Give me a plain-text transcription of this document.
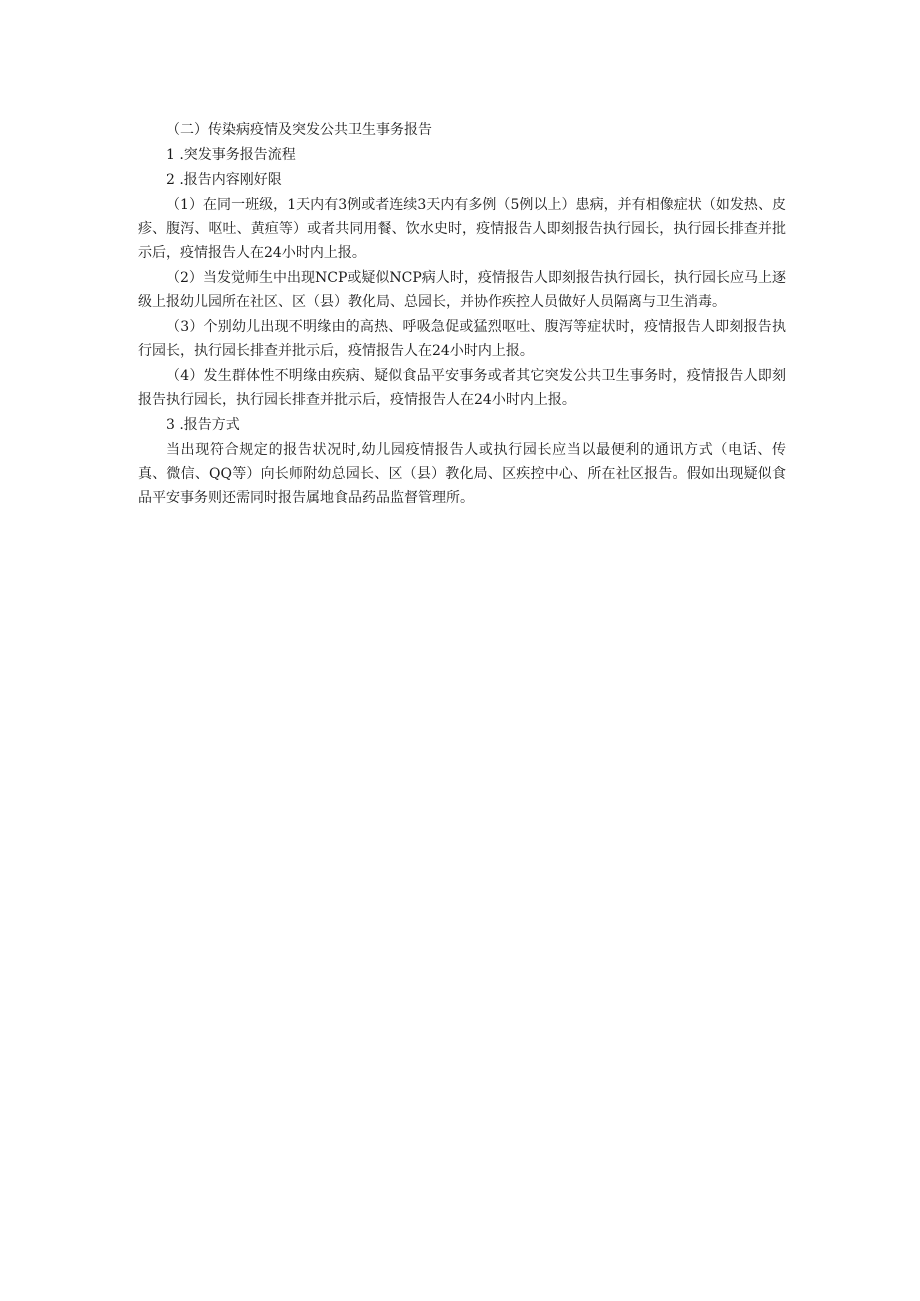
（二）传染病疫情及突发公共卫生事务报告

1 .突发事务报告流程

2 .报告内容刚好限

（1）在同一班级，1天内有3例或者连续3天内有多例（5例以上）患病，并有相像症状（如发热、皮疹、腹泻、呕吐、黄疸等）或者共同用餐、饮水史时，疫情报告人即刻报告执行园长，执行园长排查并批示后，疫情报告人在24小时内上报。

（2）当发觉师生中出现NCP或疑似NCP病人时，疫情报告人即刻报告执行园长，执行园长应马上逐级上报幼儿园所在社区、区（县）教化局、总园长，并协作疾控人员做好人员隔离与卫生消毒。

（3）个别幼儿出现不明缘由的高热、呼吸急促或猛烈呕吐、腹泻等症状时，疫情报告人即刻报告执行园长，执行园长排查并批示后，疫情报告人在24小时内上报。

（4）发生群体性不明缘由疾病、疑似食品平安事务或者其它突发公共卫生事务时，疫情报告人即刻报告执行园长，执行园长排查并批示后，疫情报告人在24小时内上报。

3 .报告方式

当出现符合规定的报告状况时,幼儿园疫情报告人或执行园长应当以最便利的通讯方式（电话、传真、微信、QQ等）向长师附幼总园长、区（县）教化局、区疾控中心、所在社区报告。假如出现疑似食品平安事务则还需同时报告属地食品药品监督管理所。
